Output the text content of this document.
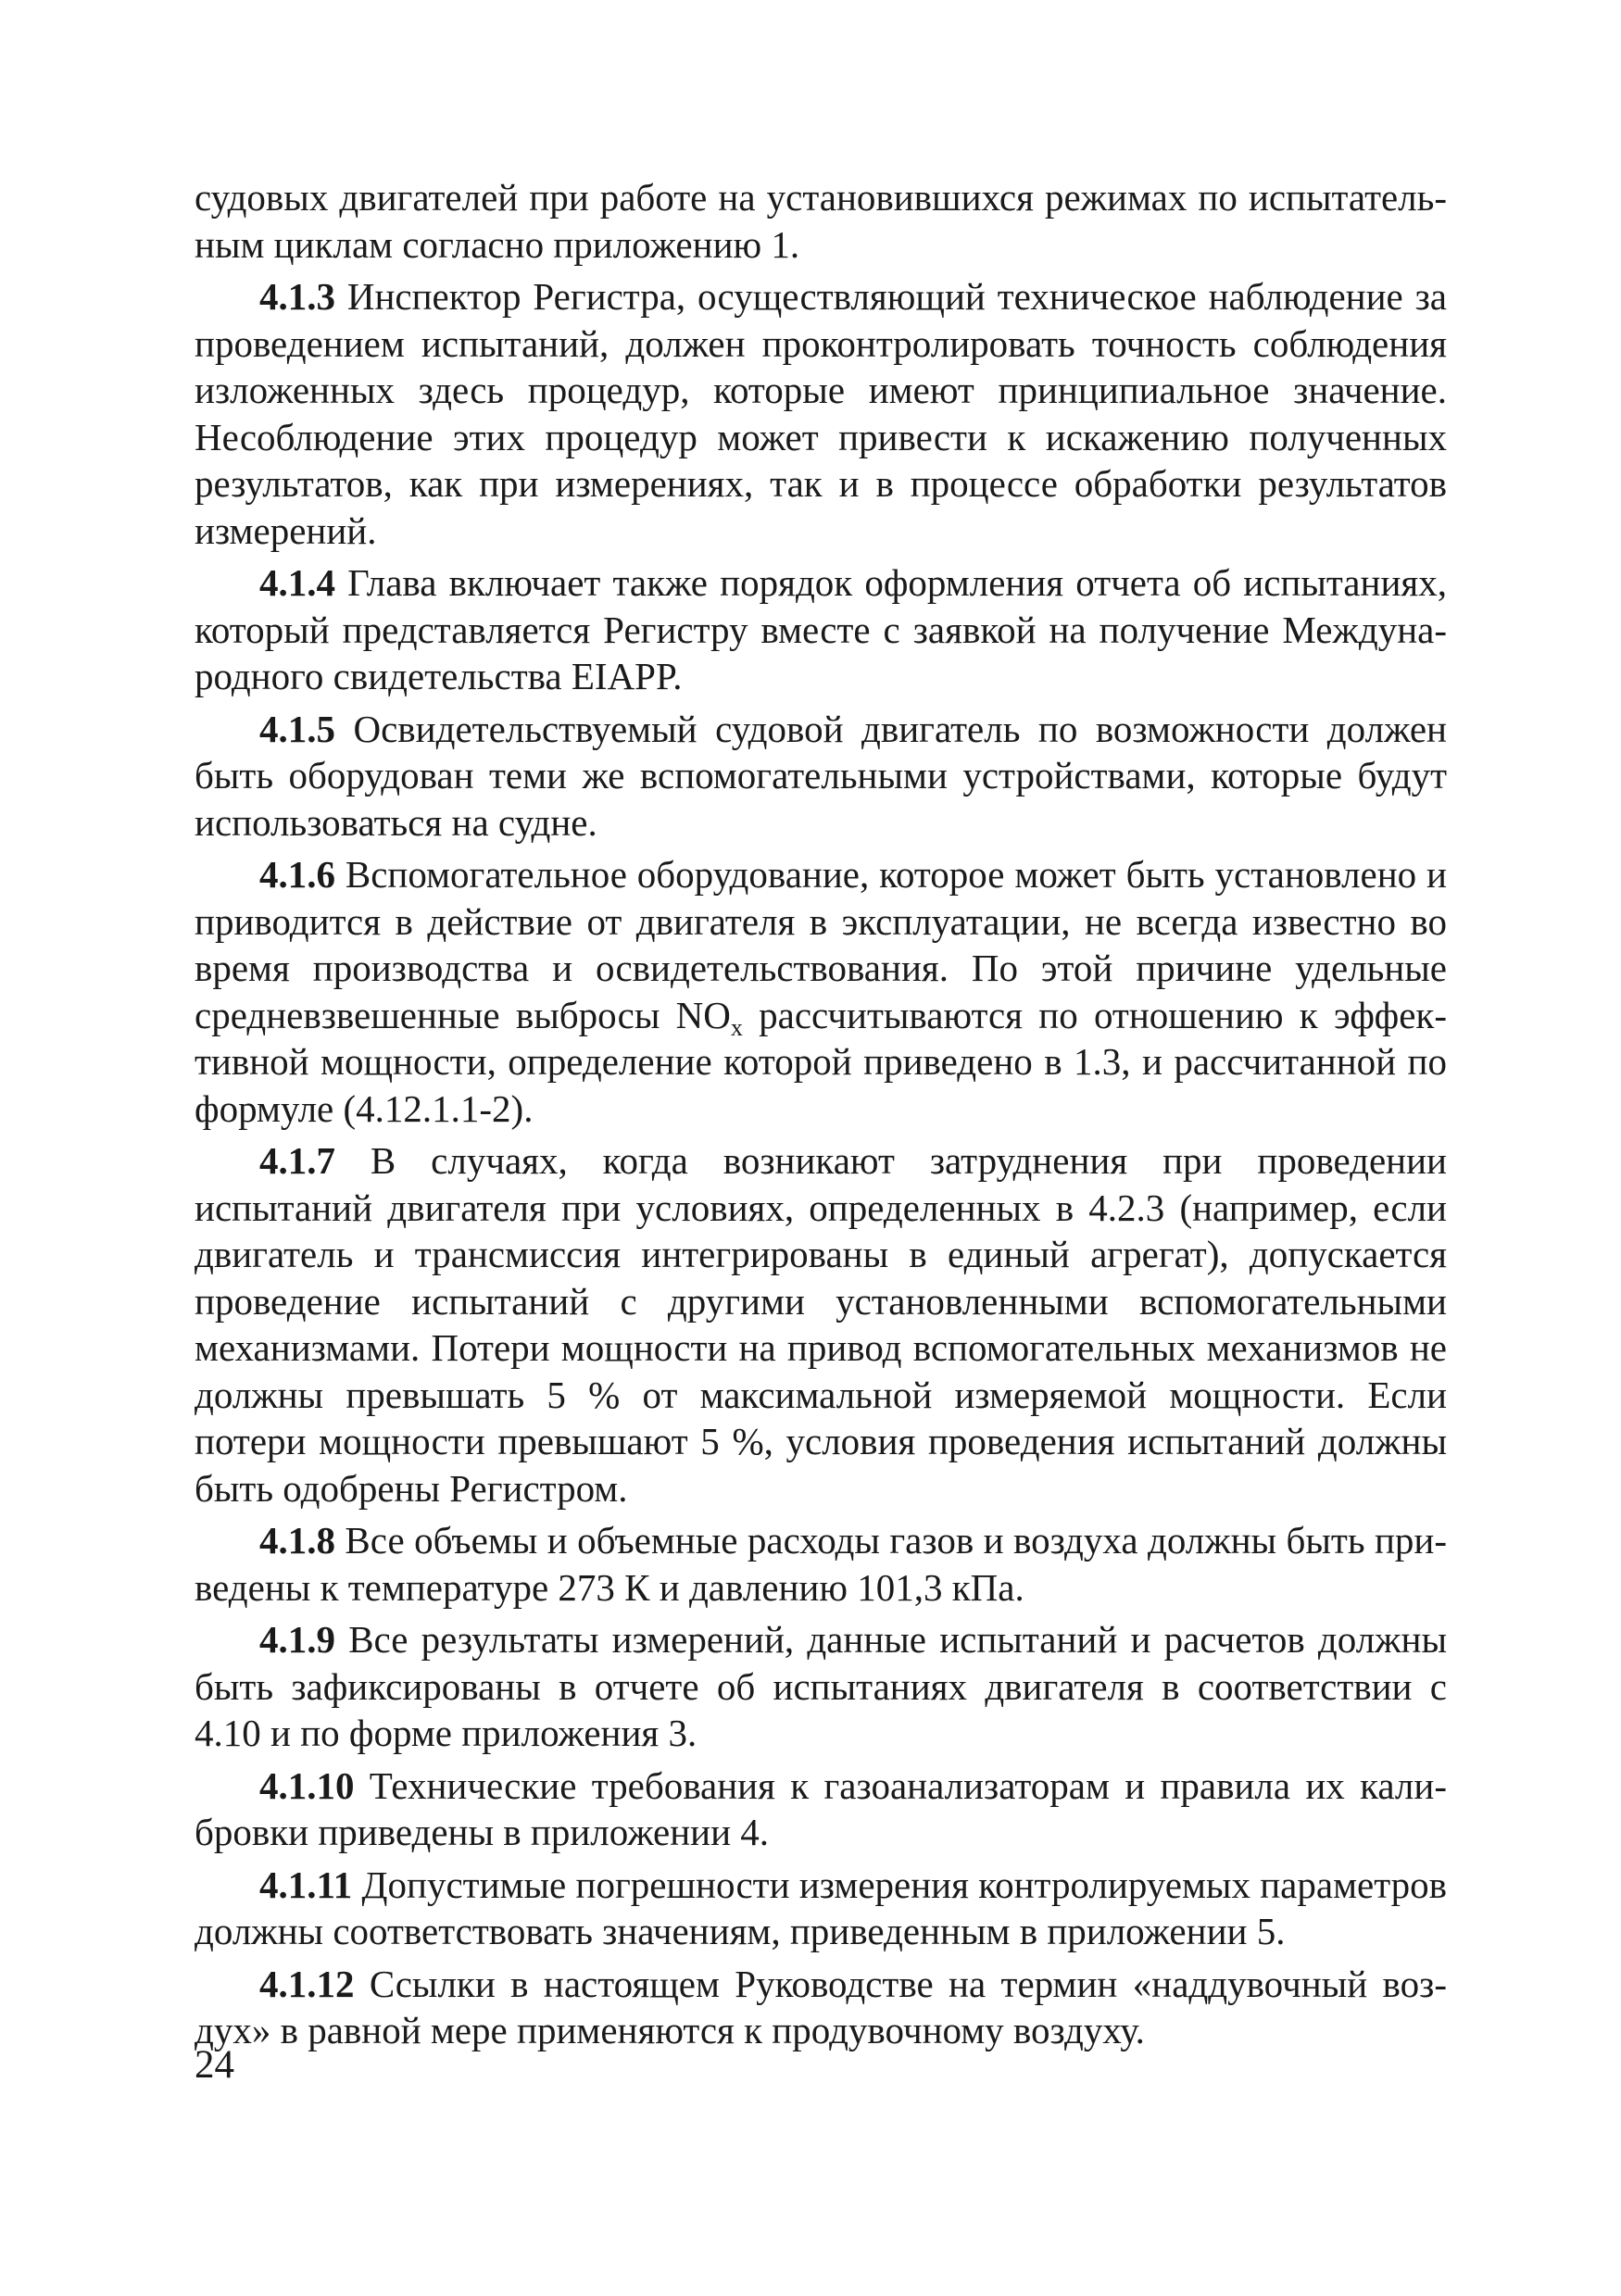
судовых двигателей при работе на установившихся режимах по испытательным циклам согласно приложению 1.

4.1.3 Инспектор Регистра, осуществляющий техническое наблюдение за проведением испытаний, должен проконтролировать точность соблюдения изложенных здесь процедур, которые имеют принципиальное значение. Несоблюдение этих процедур может привести к искажению полученных результатов, как при измерениях, так и в процессе обработки результатов измерений.

4.1.4 Глава включает также порядок оформления отчета об испытаниях, который представляется Регистру вместе с заявкой на получение Международного свидетельства EIAPP.

4.1.5 Освидетельствуемый судовой двигатель по возможности должен быть оборудован теми же вспомогательными устройствами, которые будут использоваться на судне.

4.1.6 Вспомогательное оборудование, которое может быть установлено и приводится в действие от двигателя в эксплуатации, не всегда известно во время производства и освидетельствования. По этой причине удельные средневзвешенные выбросы $NO_x$ рассчитываются по отношению к эффективной мощности, определение которой приведено в 1.3, и рассчитанной по формуле (4.12.1.1-2).

4.1.7 В случаях, когда возникают затруднения при проведении испытаний двигателя при условиях, определенных в 4.2.3 (например, если двигатель и трансмиссия интегрированы в единый агрегат), допускается проведение испытаний с другими установленными вспомогательными механизмами. Потери мощности на привод вспомогательных механизмов не должны превышать 5 % от максимальной измеряемой мощности. Если потери мощности превышают 5 %, условия проведения испытаний должны быть одобрены Регистром.

4.1.8 Все объемы и объемные расходы газов и воздуха должны быть приведены к температуре 273 К и давлению 101,3 кПа.

4.1.9 Все результаты измерений, данные испытаний и расчетов должны быть зафиксированы в отчете об испытаниях двигателя в соответствии с 4.10 и по форме приложения 3.

4.1.10 Технические требования к газоанализаторам и правила их калибровки приведены в приложении 4.

4.1.11 Допустимые погрешности измерения контролируемых параметров должны соответствовать значениям, приведенным в приложении 5.

4.1.12 Ссылки в настоящем Руководстве на термин «наддувочный воздух» в равной мере применяются к продувочному воздуху.

24
